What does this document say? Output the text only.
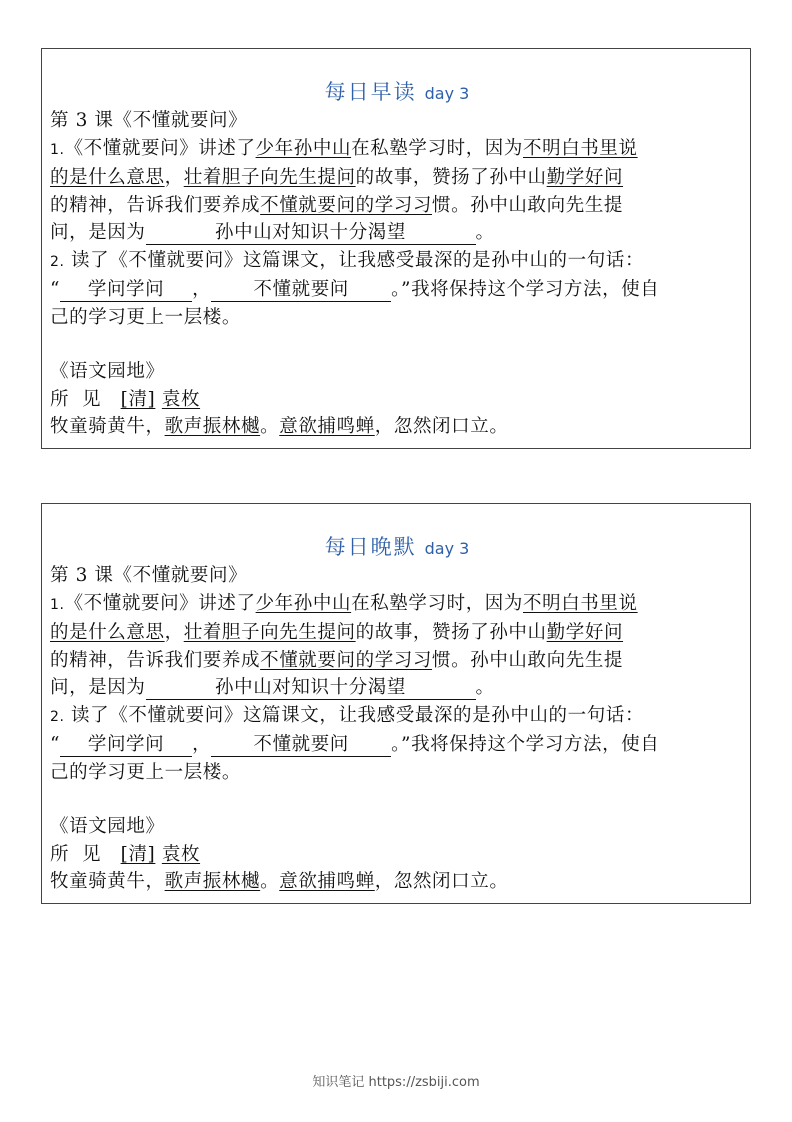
每日早读 day 3
第 3 课《不懂就要问》
1.《不懂就要问》讲述了少年孙中山在私塾学习时，因为不明白书里说
的是什么意思，壮着胆子向先生提问的故事，赞扬了孙中山勤学好问
的精神，告诉我们要养成不懂就要问的学习习惯。孙中山敢向先生提
问，是因为	孙中山对知识十分渴望	。
2. 读了《不懂就要问》这篇课文，让我感受最深的是孙中山的一句话：
“ 学问学问 ， 不懂就要问 。”我将保持这个学习方法，使自
己的学习更上一层楼。
《语文园地》
所  见 [清] 袁枚
牧童骑黄牛，歌声振林樾。意欲捕鸣蝉，忽然闭口立。
每日晚默 day 3
第 3 课《不懂就要问》
1.《不懂就要问》讲述了少年孙中山在私塾学习时，因为不明白书里说
的是什么意思，壮着胆子向先生提问的故事，赞扬了孙中山勤学好问
的精神，告诉我们要养成不懂就要问的学习习惯。孙中山敢向先生提
问，是因为	孙中山对知识十分渴望	。
2. 读了《不懂就要问》这篇课文，让我感受最深的是孙中山的一句话：
“ 学问学问 ， 不懂就要问 。”我将保持这个学习方法，使自
己的学习更上一层楼。
《语文园地》
所  见 [清] 袁枚
牧童骑黄牛，歌声振林樾。意欲捕鸣蝉，忽然闭口立。
知识笔记 https://zsbiji.com
